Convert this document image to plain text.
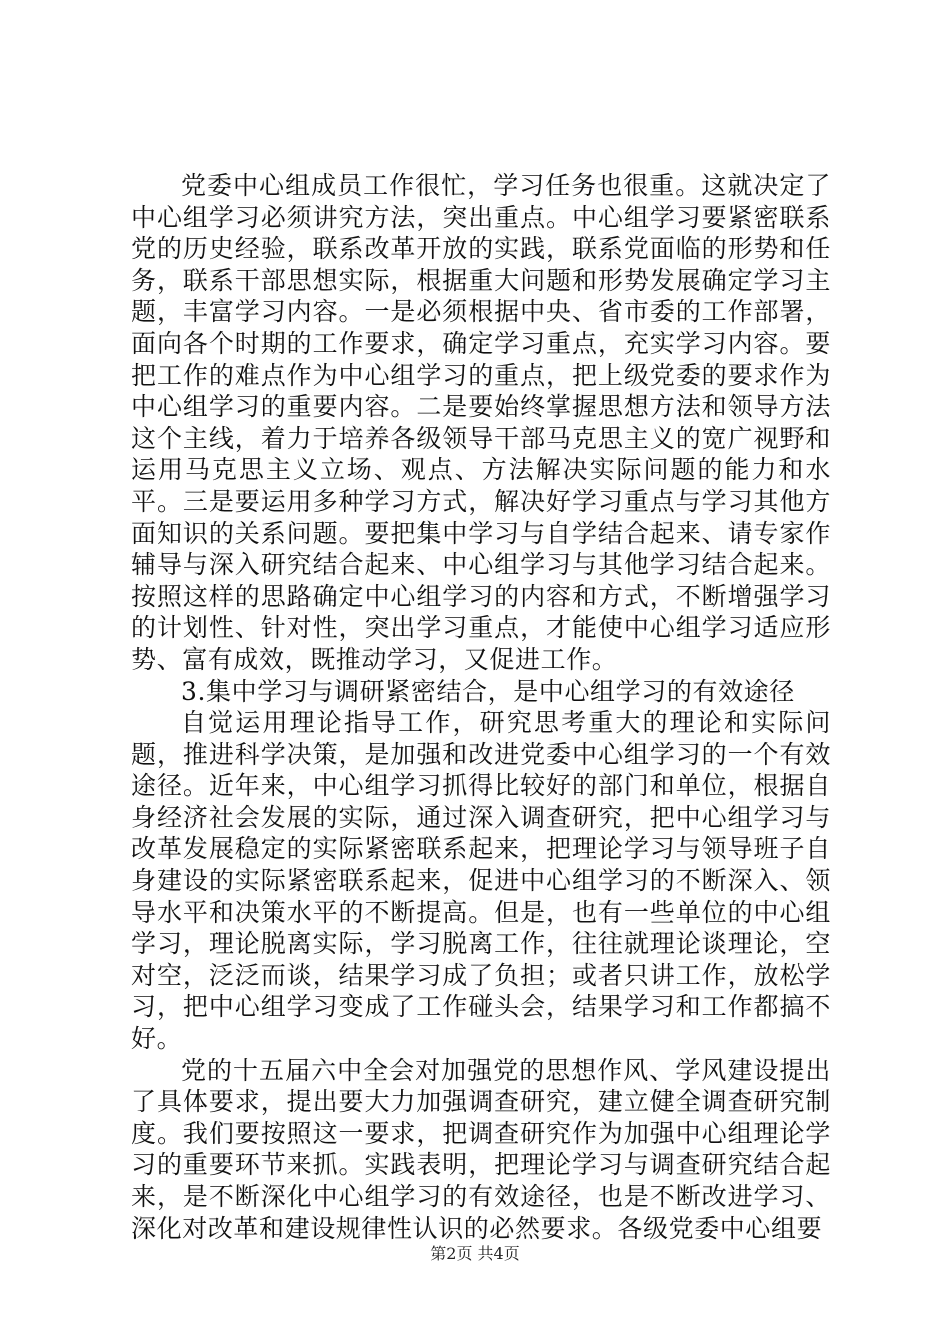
党委中心组成员工作很忙，学习任务也很重。这就决定了中心组学习必须讲究方法，突出重点。中心组学习要紧密联系党的历史经验，联系改革开放的实践，联系党面临的形势和任务，联系干部思想实际，根据重大问题和形势发展确定学习主题，丰富学习内容。一是必须根据中央、省市委的工作部署，面向各个时期的工作要求，确定学习重点，充实学习内容。要把工作的难点作为中心组学习的重点，把上级党委的要求作为中心组学习的重要内容。二是要始终掌握思想方法和领导方法这个主线，着力于培养各级领导干部马克思主义的宽广视野和运用马克思主义立场、观点、方法解决实际问题的能力和水平。三是要运用多种学习方式，解决好学习重点与学习其他方面知识的关系问题。要把集中学习与自学结合起来、请专家作辅导与深入研究结合起来、中心组学习与其他学习结合起来。按照这样的思路确定中心组学习的内容和方式，不断增强学习的计划性、针对性，突出学习重点，才能使中心组学习适应形势、富有成效，既推动学习，又促进工作。

3.集中学习与调研紧密结合，是中心组学习的有效途径

自觉运用理论指导工作，研究思考重大的理论和实际问题，推进科学决策，是加强和改进党委中心组学习的一个有效途径。近年来，中心组学习抓得比较好的部门和单位，根据自身经济社会发展的实际，通过深入调查研究，把中心组学习与改革发展稳定的实际紧密联系起来，把理论学习与领导班子自身建设的实际紧密联系起来，促进中心组学习的不断深入、领导水平和决策水平的不断提高。但是，也有一些单位的中心组学习，理论脱离实际，学习脱离工作，往往就理论谈理论，空对空，泛泛而谈，结果学习成了负担；或者只讲工作，放松学习，把中心组学习变成了工作碰头会，结果学习和工作都搞不好。

党的十五届六中全会对加强党的思想作风、学风建设提出了具体要求，提出要大力加强调查研究，建立健全调查研究制度。我们要按照这一要求，把调查研究作为加强中心组理论学习的重要环节来抓。实践表明，把理论学习与调查研究结合起来，是不断深化中心组学习的有效途径，也是不断改进学习、深化对改革和建设规律性认识的必然要求。各级党委中心组要

第2页 共4页
